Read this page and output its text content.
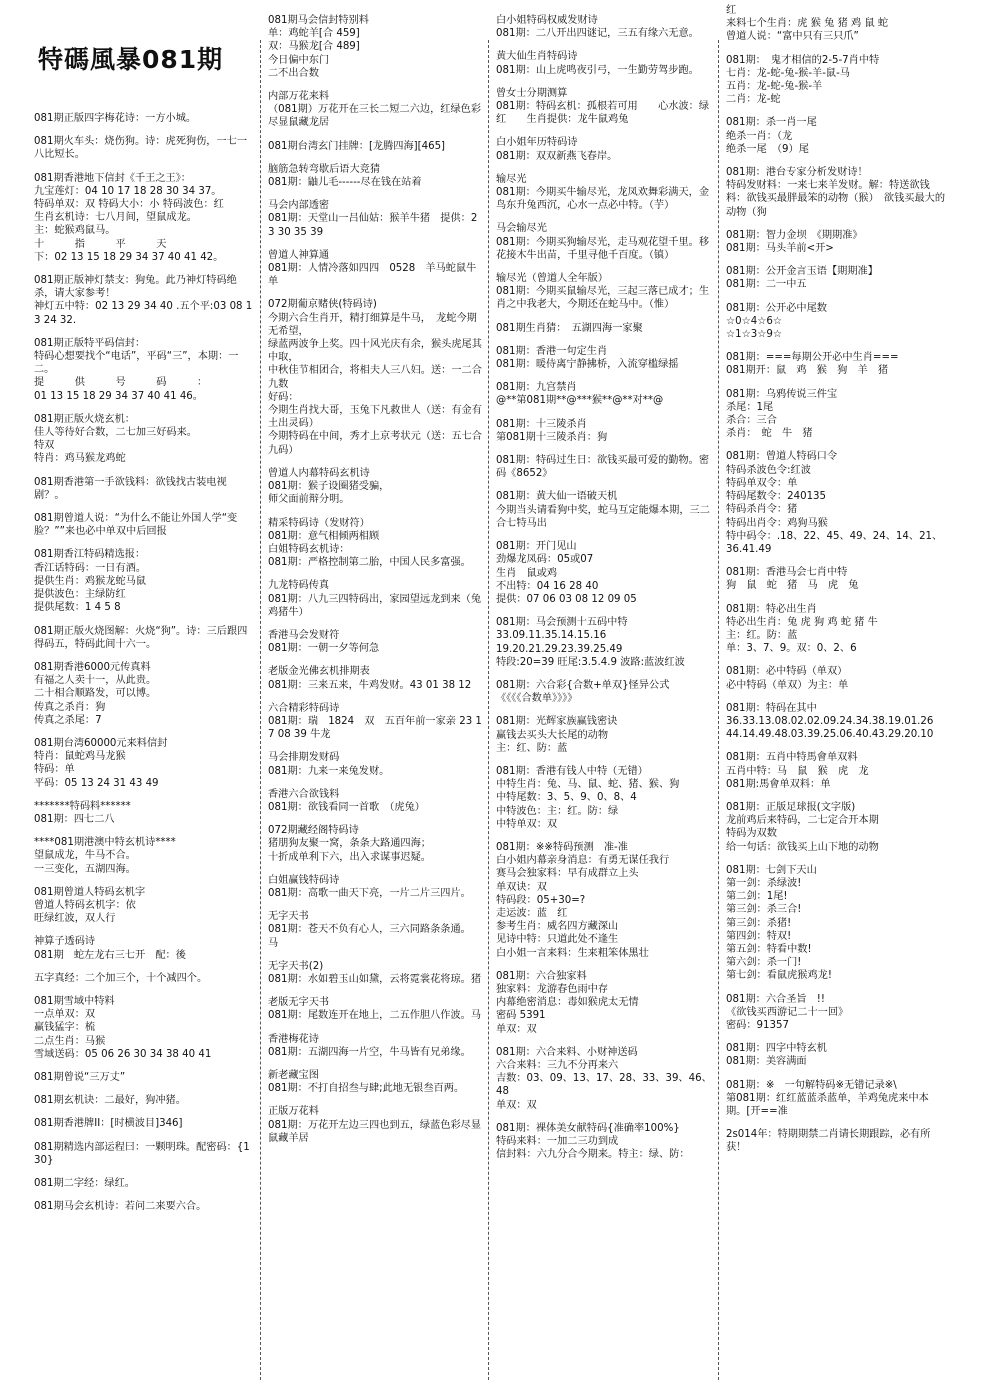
特碼風暴081期
081期正版四字梅花诗：一方小城。
081期火车头：烧伤狗。诗：虎死狗伤，一七一八比短长。
081期香港地下信封《千王之王》：
九宝莲灯：04 10 17 18 28 30 34 37。
特码单双：双 特码大小：小 特码波色：红
生肖玄机诗：七八月间，望鼠成龙。
主：蛇猴鸡鼠马。
十　　　指　　　平　　　天
下：02 13 15 18 29 34 37 40 41 42。
081期正版神灯禁支：狗兔。此乃神灯特码绝杀，请大家参考！
神灯五中特：02 13 29 34 40 .五个平:03 08 13 24 32.
081期正版特平码信封：
特码心想要找个“电话”，平码“三”，本期：一二。
提　　　供　　　号　　　码　　　：
01 13 15 18 29 34 37 40 41 46。
081期正版火烧玄机：
佳人等待好合数，二七加三好码来。
特双
特肖：鸡马猴龙鸡蛇
081期香港第一手欲钱料：欲钱找古装电视剧？。
081期曾道人说：“为什么不能让外国人学“变脸？””来也必中单双中后回报
081期香江特码精选报：
香江话特码：一日有酒。
提供生肖：鸡猴龙蛇马鼠
提供波色：主绿防红
提供尾数：1 4 5 8
081期正版火烧图解：火烧“狗”。诗：三后跟四得码五，特码此间十六一。
081期香港6000元传真料
有福之人卖十一，从此贵。
二十相合顺路发，可以博。
传真之杀肖：狗
传真之杀尾：7
081期台湾60000元来料信封
特肖：鼠蛇鸡马龙猴
特码：单
平码：05 13 24 31 43 49
*******特码料******
081期：四七二八
****081期港澳中特玄机诗****
望鼠成龙，牛马不合。
一三变化，五湖四海。
081期曾道人特码玄机字
曾道人特码玄机字：依
旺绿红波，双人行
神算子透码诗
081期　蛇左龙右三七开　配：後
五字真经：二个加三个，十个减四个。
081期雪域中特料
一点单双：双
赢钱猛字：梳
二点生肖：马猴
雪域送码：05 06 26 30 34 38 40 41
081期曾说“三万丈”
081期玄机诀：二最好，狗冲猪。
081期香港牌II：[时横波目]346]
081期精选内部运程曰：一颗明珠。配密码：{130}
081期二字经：绿红。
081期马会玄机诗：若问二来要六合。
081期马会信封特别料
单：鸡蛇羊[合 459]
双：马猴龙[合 489]
今日偏中东门
二不出合数
内部万花来料
（081期）万花开在三长二短二六边，红绿色彩尽显鼠藏龙居
081期台湾玄门挂牌：[龙腾四海][465]
脑筋急转弯歇后语大竞猜
081期：鼬儿毛------尽在钱在站着
马会内部透密
081期：天堂山一吕仙姑：猴羊牛猪　提供：23 30 35 39
曾道人神算通
081期：人情冷落如四四　0528　羊马蛇鼠牛　单
072期葡京赌侠(特码诗)
今期六合生肖开，精打细算是牛马，　龙蛇今期无希望，
绿蓝两波争上奖。四十风光庆有余，猴头虎尾其中取，
中秋佳节相团合，将相夫人三八妇。送：一二合九数
好码：
今期生肖找大哥，玉兔下凡救世人（送：有金有土出灵码）
今期特码在中间，秀才上京考状元（送：五七合九码）
曾道人内幕特码玄机诗
081期：猴子设圈猪受骗，
师父面前辩分明。
精采特码诗（发财符）
081期：意气相倾两相顾
白姐特码玄机诗：
081期：严格控制第二胎，中国人民多富强。
九龙特码传真
081期：八九三四特码出，家园望远龙到来（兔鸡猪牛）
香港马会发财符
081期：一朝一夕等何急
老版金光佛玄机排期表
081期：三来五来，牛鸡发财。43 01 38 12
六合精彩特码诗
081期：瑞　1824　双　五百年前一家亲 23 17 08 39 牛龙
马会排期发财码
081期：九来一来兔发财。
香港六合欲钱料
081期：欲钱看同一首歌　（虎兔）
072期藏经阁特码诗
猪朋狗友聚一窝，条条大路通四海；
十折成单利下六，出入求谋事迟疑。
白姐赢钱特码诗
081期：高歌一曲天下亮，一片二片三四片。
无字天书
081期：苍天不负有心人，三六同路条条通。　马
无字天书(2)
081期：水如碧玉山如黛，云将霓裳花将琼。猪
老版无字天书
081期：尾数连开在地上，二五作胆八作波。马
香港梅花诗
081期：五湖四海一片空，牛马皆有兄弟缘。
新老藏宝图
081期：不打自招叁与肆;此地无银叁百两。
正版万花料
081期：万花开左边三四也到五，绿蓝色彩尽显鼠藏羊居
白小姐特码权威发财诗
081期：二八开出四谜记，三五有缘六无意。
黄大仙生肖特码诗
081期：山上虎鸣夜引弓，一生勤劳驾步跑。
曾女士分期测算
081期：特码玄机：孤根若可用　　心水波：绿红　　生肖提供：龙牛鼠鸡兔
白小姐年历特码诗
081期：双双新燕飞春岸。
输尽光
081期：今期买牛输尽光，龙凤欢舞彩满天，金鸟东升兔西沉，心水一点必中特。（芋）
马会输尽光
081期：今期买狗输尽光，走马观花望千里。移花接木牛出苗，千里寻他千百度。（镇）
输尽光（曾道人全年版）
081期：今期买鼠输尽光，三起三落已成才；生肖之中我老大，今期还在蛇马中。（惟）
081期生肖猜：　五湖四海一家聚
081期：香港一句定生肖
081期：暖侍离宁静拂桥，入流穿槛绿摇
081期：九宫禁肖
@**第081期**@***猴**@**对**@
081期：十三陵杀肖
第081期十三陵杀肖：狗
081期：特码过生日：欲钱买最可爱的勤物。密码《8652》
081期：黄大仙一语破天机
今期当头请看狗中奖，蛇马互定能爆本期，三二合七特马出
081期：开门见山
劲爆龙凤码：05或07
生肖　鼠或鸡
不出特：04 16 28 40
提供：07 06 03 08 12 09 05
081期：马会预测十五码中特
33.09.11.35.14.15.16
19.20.21.29.23.39.25.49
特段:20=39 旺尾:3.5.4.9 波路:蓝波红波
081期：六合彩{合数+单双}怪异公式
《《《《合数单》》》》
081期：光辉家族赢钱密诀
赢钱去买头大长尾的动物
主：红、防：蓝
081期：香港有钱人中特（无错）
中特生肖：兔、马、鼠、蛇、猪、猴、狗
中特尾数：3、5、9、0、8、4
中特波色：主：红。防：绿
中特单双：双
081期：※※特码预测　准-准
白小姐内幕亲身消息：有勇无谋任我行
赛马会独家料：早有成群立上头
单双诀：双
特码段：05+30=?
走运波：蓝　红
参考生肖：威名四方藏深山
见诗中特：只道此处不逢生
白小姐一言来料：生来粗笨体黑壮
081期：六合独家料
独家料：龙游春色雨中存
内幕绝密消息：毒如猴虎太无情
密码 5391
单双：双
081期：六合来料、小财神送码
六合来料：三九不分再来六
吉数：03、09、13、17、28、33、39、46、48
单双：双
081期：裸体美女献特码{准确率100%}
特码来料：一加二三功到成
信封料：六九分合今期来。特主：绿、防：
红
来料七个生肖：虎 猴 兔 猪 鸡 鼠 蛇
曾道人说：“富中只有三只爪”
081期：　鬼才相信的2-5-7肖中特
七肖：龙-蛇-兔-猴-羊-鼠-马
五肖：龙-蛇-兔-猴-羊
二肖：龙-蛇
081期：杀一肖一尾
绝杀一肖：（龙
绝杀一尾　（9）尾
081期：港台专家分析发财诗！
特码发财料：一来七来羊发财。解：特送欲钱料：欲钱买最胖最笨的动物（猴）　欲钱买最大的动物（狗
081期：智力金坝　《期期准》
081期：马头羊前<开>
081期：公开金言玉语【期期准】
081期：二一中五
081期：公开必中尾数
☆0☆4☆6☆
☆1☆3☆9☆
081期：===每期公开必中生肖===
081期开：鼠　鸡　猴　狗　羊　猪
081期：乌鸦传说三件宝
杀尾：1尾
杀合：三合
杀肖：　蛇　牛　猪
081期：曾道人特码口令
特码杀波色令:红波
特码单双令：单
特码尾数令：240135
特码杀肖令：猪
特码出肖令：鸡狗马猴
特中码令：.18、22、45、49、24、14、21、36.41.49
081期：香港马会七肖中特
狗　鼠　蛇　猪　马　虎　兔
081期：特必出生肖
特必出生肖：兔 虎 狗 鸡 蛇 猪 牛
主：红。防：蓝
单：3、7、9。双：0、2、6
081期：必中特码（单双）
必中特码（单双）为主：单
081期：特码在其中
36.33.13.08.02.02.09.24.34.38.19.01.26
44.14.49.48.03.39.25.06.40.43.29.20.10
081期：五肖中特馬會单双料
五肖中特：马　鼠　猴　虎　龙
081期:馬會单双料：单
081期：正版足球报(文字版)
龙前鸡后来特码，二七定合开本期
特码为双数
给一句话：欲钱买上山下地的动物
081期：七剑下天山
第一剑：杀绿波!
第二剑：1尾!
第三剑：杀三合!
第三剑：杀猪!
第四剑：特双!
第五剑：特看中数!
第六剑：杀一门!
第七剑：看鼠虎猴鸡龙!
081期：六合圣旨　!!
《欲钱买西游记二十一回》
密码：91357
081期：四字中特玄机
081期：美容满面
081期：※　一句解特码※无错记录※\
第081期：红红蓝蓝杀蓝单，羊鸡兔虎来中本期。[开==准
2s014年：特期期禁二肖请长期跟踪，必有所获！
